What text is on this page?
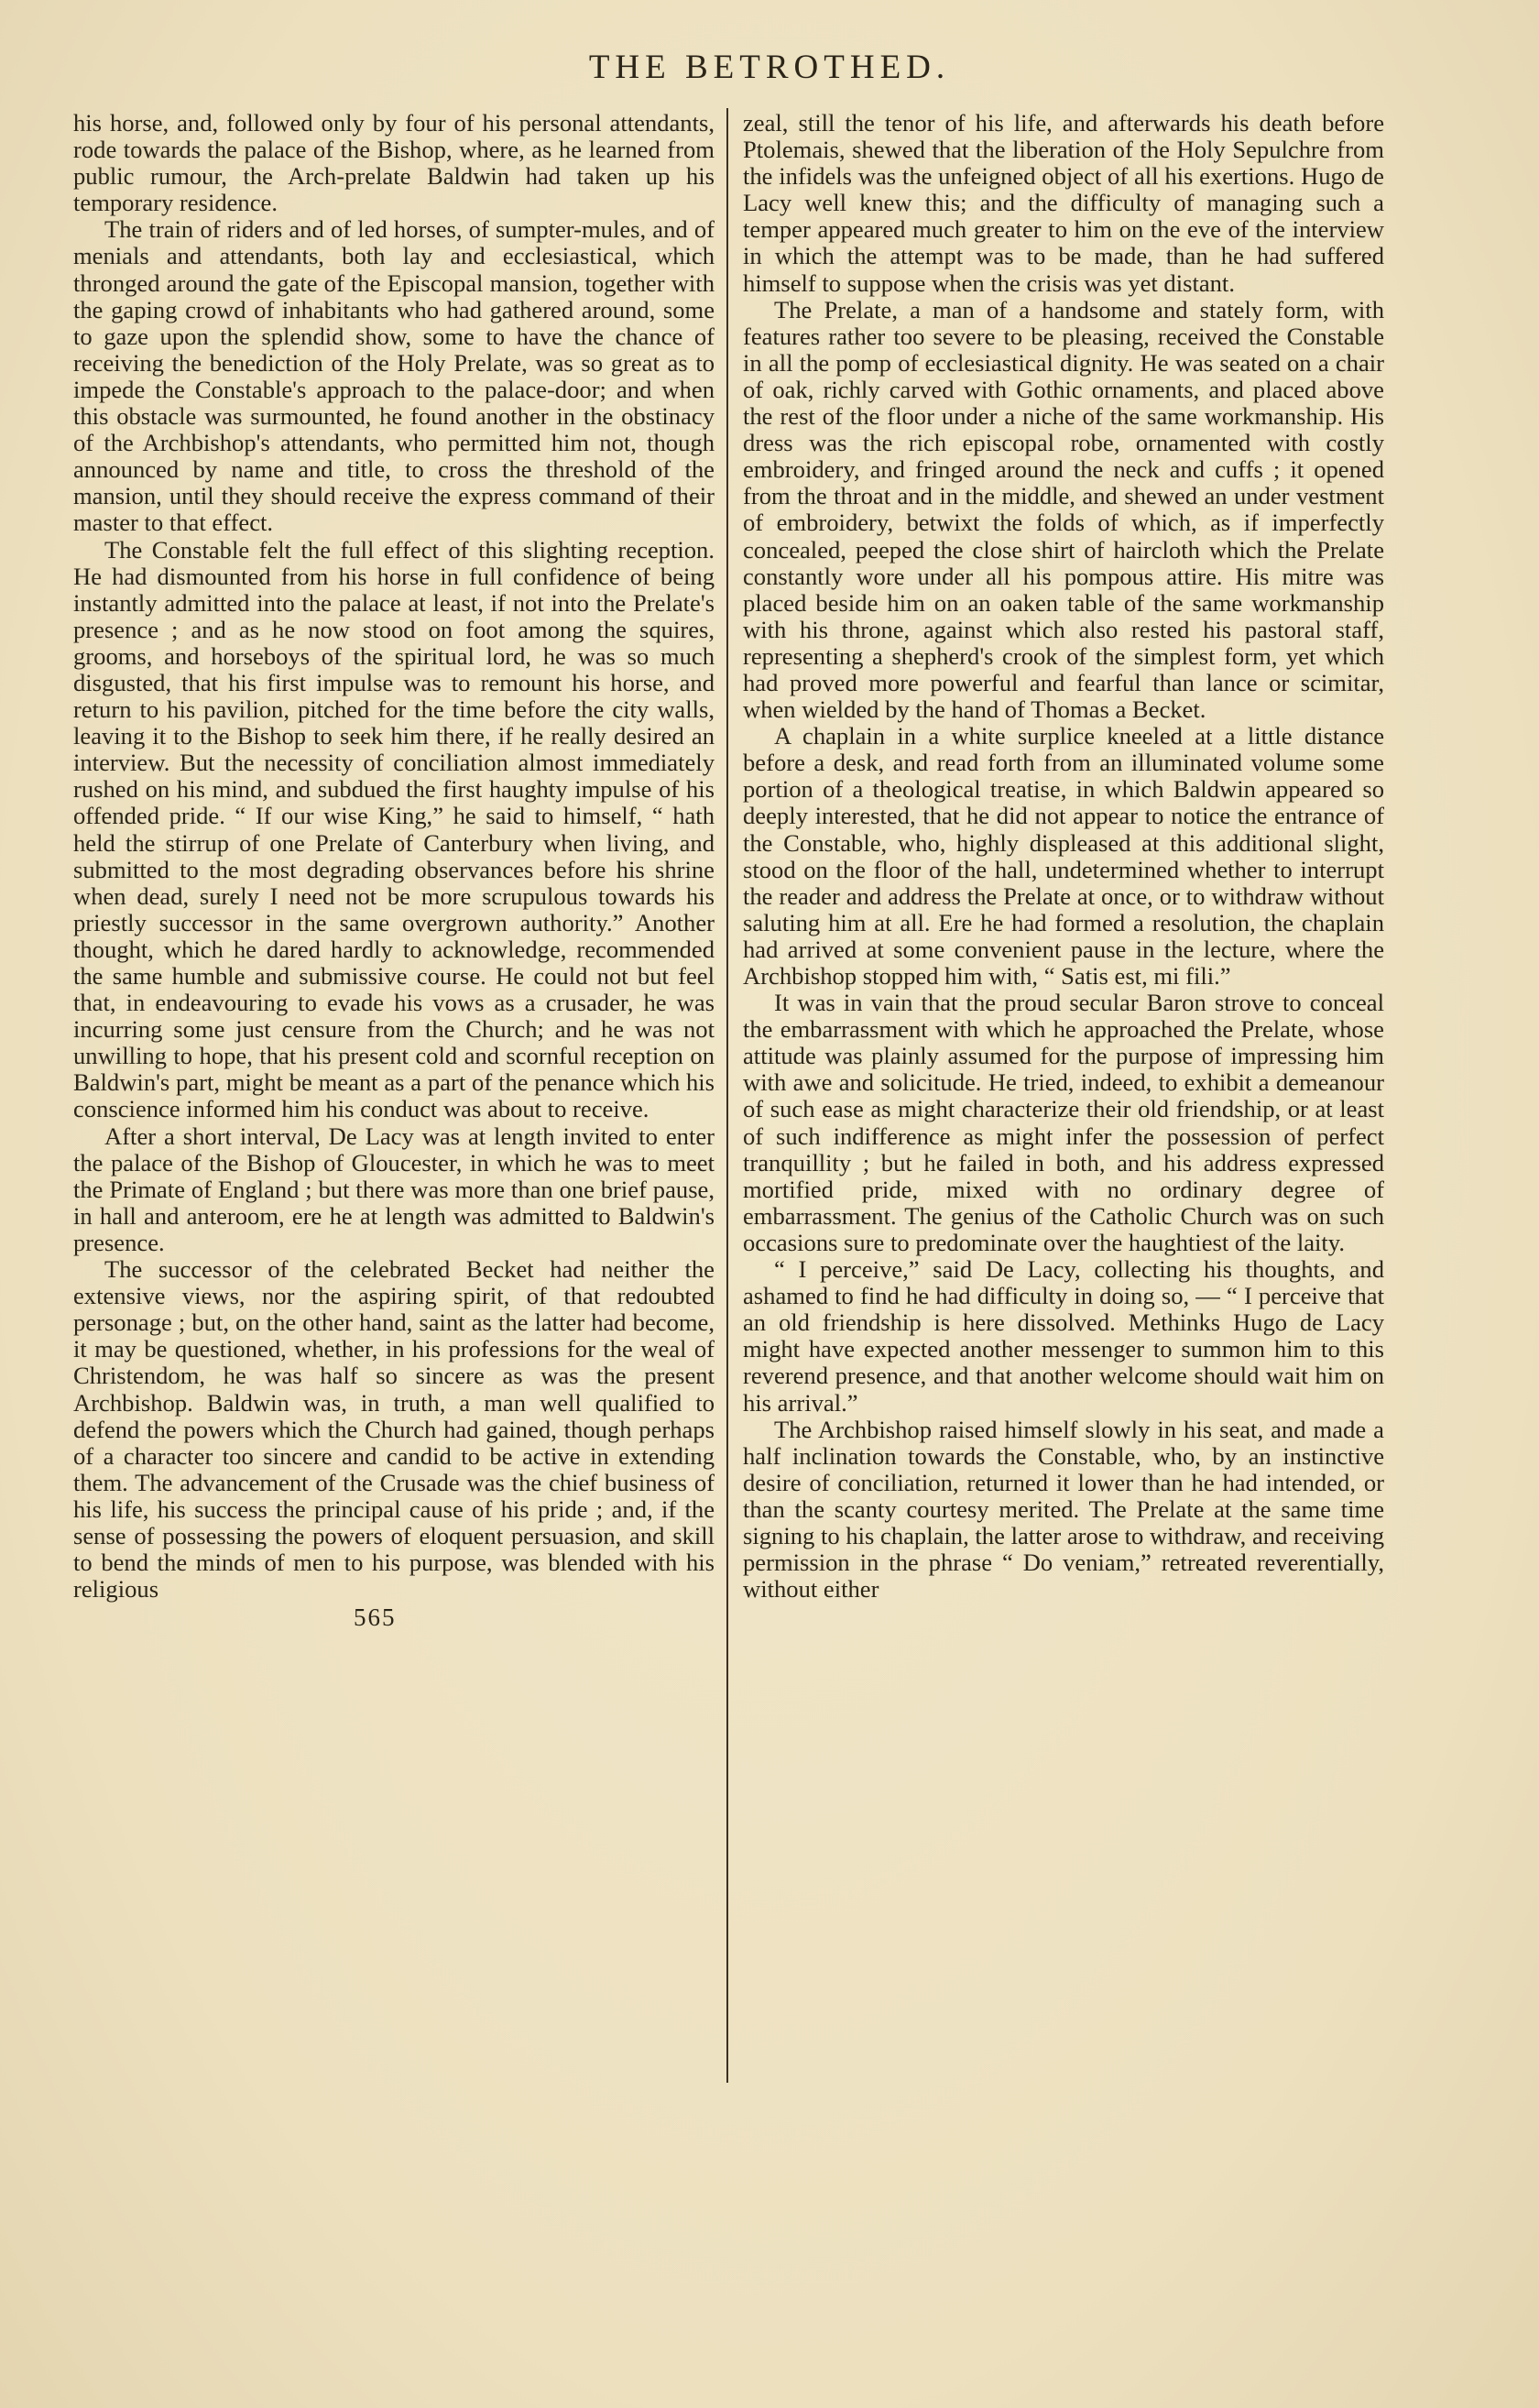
THE BETROTHED.

his horse, and, followed only by four of his personal attendants, rode towards the palace of the Bishop, where, as he learned from public rumour, the Arch-prelate Baldwin had taken up his temporary residence.

The train of riders and of led horses, of sumpter-mules, and of menials and attendants, both lay and ecclesiastical, which thronged around the gate of the Episcopal mansion, together with the gaping crowd of inhabitants who had gathered around, some to gaze upon the splendid show, some to have the chance of receiving the benediction of the Holy Prelate, was so great as to impede the Constable's approach to the palace-door; and when this obstacle was surmounted, he found another in the obstinacy of the Archbishop's attendants, who permitted him not, though announced by name and title, to cross the threshold of the mansion, until they should receive the express command of their master to that effect.

The Constable felt the full effect of this slighting reception. He had dismounted from his horse in full confidence of being instantly admitted into the palace at least, if not into the Prelate's presence ; and as he now stood on foot among the squires, grooms, and horseboys of the spiritual lord, he was so much disgusted, that his first impulse was to remount his horse, and return to his pavilion, pitched for the time before the city walls, leaving it to the Bishop to seek him there, if he really desired an interview. But the necessity of conciliation almost immediately rushed on his mind, and subdued the first haughty impulse of his offended pride. “ If our wise King,” he said to himself, “ hath held the stirrup of one Prelate of Canterbury when living, and submitted to the most degrading observances before his shrine when dead, surely I need not be more scrupulous towards his priestly successor in the same overgrown authority.” Another thought, which he dared hardly to acknowledge, recommended the same humble and submissive course. He could not but feel that, in endeavouring to evade his vows as a crusader, he was incurring some just censure from the Church; and he was not unwilling to hope, that his present cold and scornful reception on Baldwin's part, might be meant as a part of the penance which his conscience informed him his conduct was about to receive.

After a short interval, De Lacy was at length invited to enter the palace of the Bishop of Gloucester, in which he was to meet the Primate of England ; but there was more than one brief pause, in hall and anteroom, ere he at length was admitted to Baldwin's presence.

The successor of the celebrated Becket had neither the extensive views, nor the aspiring spirit, of that redoubted personage ; but, on the other hand, saint as the latter had become, it may be questioned, whether, in his professions for the weal of Christendom, he was half so sincere as was the present Archbishop. Baldwin was, in truth, a man well qualified to defend the powers which the Church had gained, though perhaps of a character too sincere and candid to be active in extending them. The advancement of the Crusade was the chief business of his life, his success the principal cause of his pride ; and, if the sense of possessing the powers of eloquent persuasion, and skill to bend the minds of men to his purpose, was blended with his religious

565

zeal, still the tenor of his life, and afterwards his death before Ptolemais, shewed that the liberation of the Holy Sepulchre from the infidels was the unfeigned object of all his exertions. Hugo de Lacy well knew this; and the difficulty of managing such a temper appeared much greater to him on the eve of the interview in which the attempt was to be made, than he had suffered himself to suppose when the crisis was yet distant.

The Prelate, a man of a handsome and stately form, with features rather too severe to be pleasing, received the Constable in all the pomp of ecclesiastical dignity. He was seated on a chair of oak, richly carved with Gothic ornaments, and placed above the rest of the floor under a niche of the same workmanship. His dress was the rich episcopal robe, ornamented with costly embroidery, and fringed around the neck and cuffs ; it opened from the throat and in the middle, and shewed an under vestment of embroidery, betwixt the folds of which, as if imperfectly concealed, peeped the close shirt of haircloth which the Prelate constantly wore under all his pompous attire. His mitre was placed beside him on an oaken table of the same workmanship with his throne, against which also rested his pastoral staff, representing a shepherd's crook of the simplest form, yet which had proved more powerful and fearful than lance or scimitar, when wielded by the hand of Thomas a Becket.

A chaplain in a white surplice kneeled at a little distance before a desk, and read forth from an illuminated volume some portion of a theological treatise, in which Baldwin appeared so deeply interested, that he did not appear to notice the entrance of the Constable, who, highly displeased at this additional slight, stood on the floor of the hall, undetermined whether to interrupt the reader and address the Prelate at once, or to withdraw without saluting him at all. Ere he had formed a resolution, the chaplain had arrived at some convenient pause in the lecture, where the Archbishop stopped him with, “ Satis est, mi fili.”

It was in vain that the proud secular Baron strove to conceal the embarrassment with which he approached the Prelate, whose attitude was plainly assumed for the purpose of impressing him with awe and solicitude. He tried, indeed, to exhibit a demeanour of such ease as might characterize their old friendship, or at least of such indifference as might infer the possession of perfect tranquillity ; but he failed in both, and his address expressed mortified pride, mixed with no ordinary degree of embarrassment. The genius of the Catholic Church was on such occasions sure to predominate over the haughtiest of the laity.

“ I perceive,” said De Lacy, collecting his thoughts, and ashamed to find he had difficulty in doing so, — “ I perceive that an old friendship is here dissolved. Methinks Hugo de Lacy might have expected another messenger to summon him to this reverend presence, and that another welcome should wait him on his arrival.”

The Archbishop raised himself slowly in his seat, and made a half inclination towards the Constable, who, by an instinctive desire of conciliation, returned it lower than he had intended, or than the scanty courtesy merited. The Prelate at the same time signing to his chaplain, the latter arose to withdraw, and receiving permission in the phrase “ Do veniam,” retreated reverentially, without either
